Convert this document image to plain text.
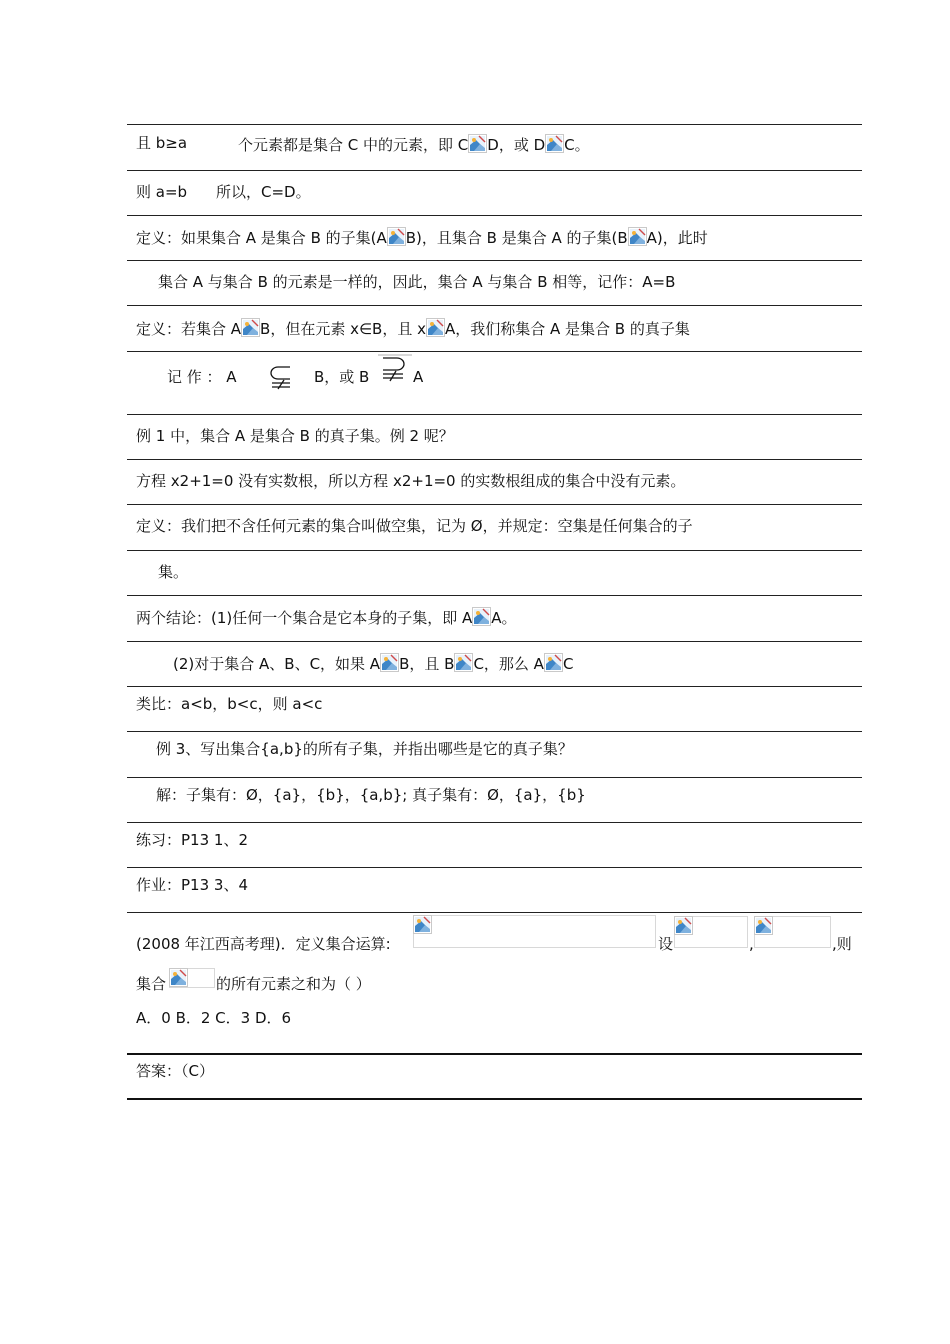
且 b≥a	个元素都是集合 C 中的元素，即 C D，或 D C。
则 a=b 所以，C=D。
定义：如果集合 A 是集合 B 的子集(A B)，且集合 B 是集合 A 的子集(B A)，此时
集合 A 与集合 B 的元素是一样的，因此，集合 A 与集合 B 相等，记作：A=B
定义：若集合 A B，但在元素 x∈B，且 x A，我们称集合 A 是集合 B 的真子集
记 作 ： A	B，或 B	A
例 1 中，集合 A 是集合 B 的真子集。例 2 呢？
方程 x2+1=0 没有实数根，所以方程 x2+1=0 的实数根组成的集合中没有元素。
定义：我们把不含任何元素的集合叫做空集，记为 Ø，并规定：空集是任何集合的子
集。
两个结论：(1)任何一个集合是它本身的子集，即 A A。
(2)对于集合 A、B、C，如果 A B，且 B C，那么 A C
类比：a<b，b<c，则 a<c
例 3、写出集合{a,b}的所有子集，并指出哪些是它的真子集？
解：子集有：Ø，{a}，{b}，{a,b}; 真子集有：Ø，{a}，{b}
练习：P13 1、2
作业：P13 3、4
(2008 年江西高考理)．定义集合运算:	设	,	,则
集合	的所有元素之和为（ ）
A．0 B．2 C．3 D．6
答案：（C）
